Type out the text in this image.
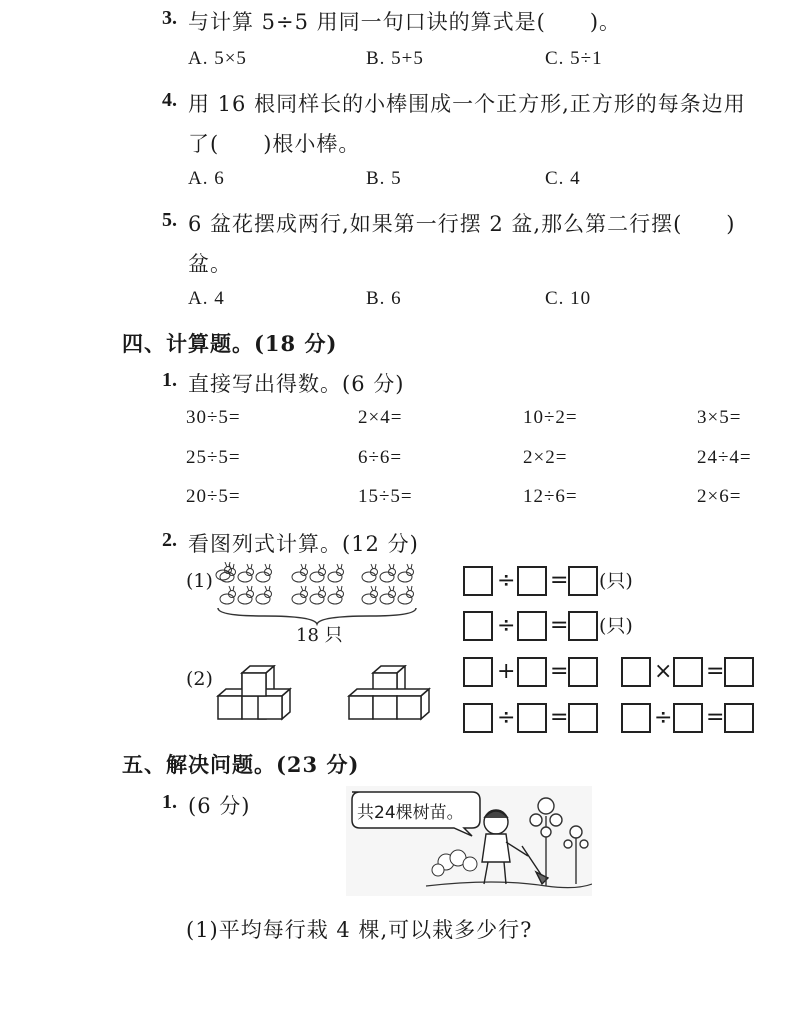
3. 与计算 5÷5 用同一句口诀的算式是(　　)。
A. 5×5	B. 5+5	C. 5÷1
4. 用 16 根同样长的小棒围成一个正方形,正方形的每条边用
了(　　)根小棒。
A. 6	B. 5	C. 4
5. 6 盆花摆成两行,如果第一行摆 2 盆,那么第二行摆(　　)
盆。
A. 4	B. 6	C. 10
四、计算题。(18 分)
1. 直接写出得数。(6 分)
30÷5=	2×4=	10÷2=	3×5=
25÷5=	6÷6=	2×2=	24÷4=
20÷5=	15÷5=	12÷6=	2×6=
2. 看图列式计算。(12 分)
(1)
18 只
÷ = (只)
÷ = (只)
(2)	+ =	× =
÷ =	÷ =
五、解决问题。(23 分)
1. (6 分)	共24棵树苗。
(1)平均每行栽 4 棵,可以栽多少行?
